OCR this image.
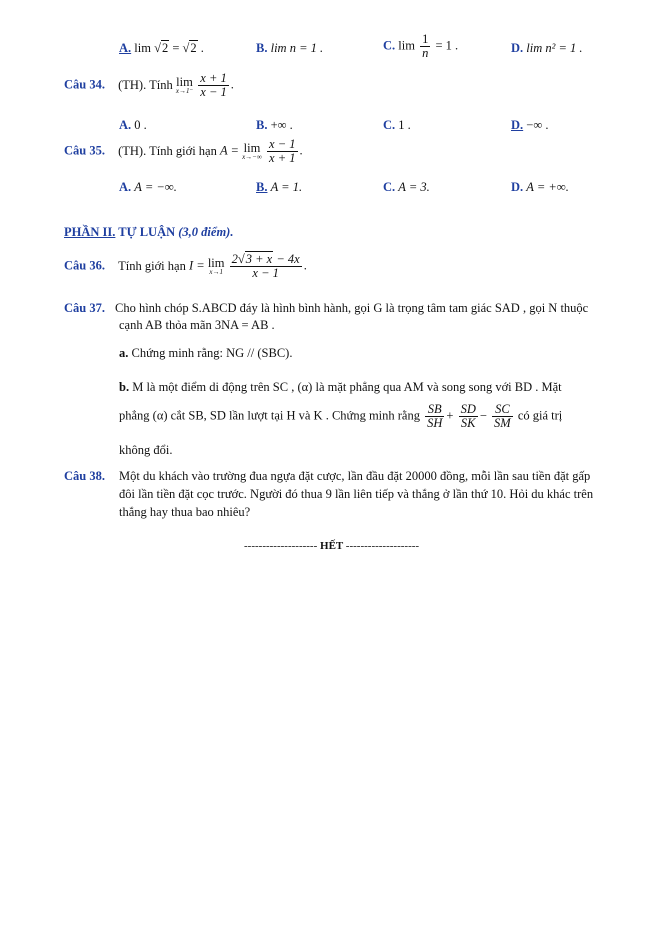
A. lim √2 = √2 .	B. lim n = 1 .	C. $\lim \frac{1}{n} = 1$ .	D. lim n² = 1 .
Câu 34. (TH). Tính lim
x→1⁻
$\frac{x + 1}{x - 1}$ .
A. 0 .	B. +∞ .	C. 1 .	D. −∞ .
Câu 35. (TH). Tính giới hạn A = lim
x→−∞
$\frac{x - 1}{x + 1}$ .
A. A = −∞.	B. A = 1.	C. A = 3.	D. A = +∞.
PHẦN II. TỰ LUẬN (3,0 điểm).
Câu 36. Tính giới hạn I = lim
x→1
$\frac{2√3 + x - 4x}{x - 1}$ .
Câu 37. Cho hình chóp S.ABCD đáy là hình bình hành, gọi G là trọng tâm tam giác SAD , gọi N thuộc
cạnh AB thỏa mãn 3NA = AB .
a. Chứng minh rằng: NG // (SBC).
b. M là một điểm di động trên SC , (α) là mặt phẳng qua AM và song song với BD . Mặt
phẳng (α) cắt SB, SD lần lượt tại H và K . Chứng minh rằng $\frac{SB}{SH} + \frac{SD}{SK} - \frac{SC}{SM}$ có giá trị
không đổi.
Câu 38. Một du khách vào trường đua ngựa đặt cược, lần đầu đặt 20000 đồng, mỗi lần sau tiền đặt gấp
đôi lần tiền đặt cọc trước. Người đó thua 9 lần liên tiếp và thắng ở lần thứ 10. Hỏi du khác trên
thắng hay thua bao nhiêu?
-------------------- HẾT --------------------
